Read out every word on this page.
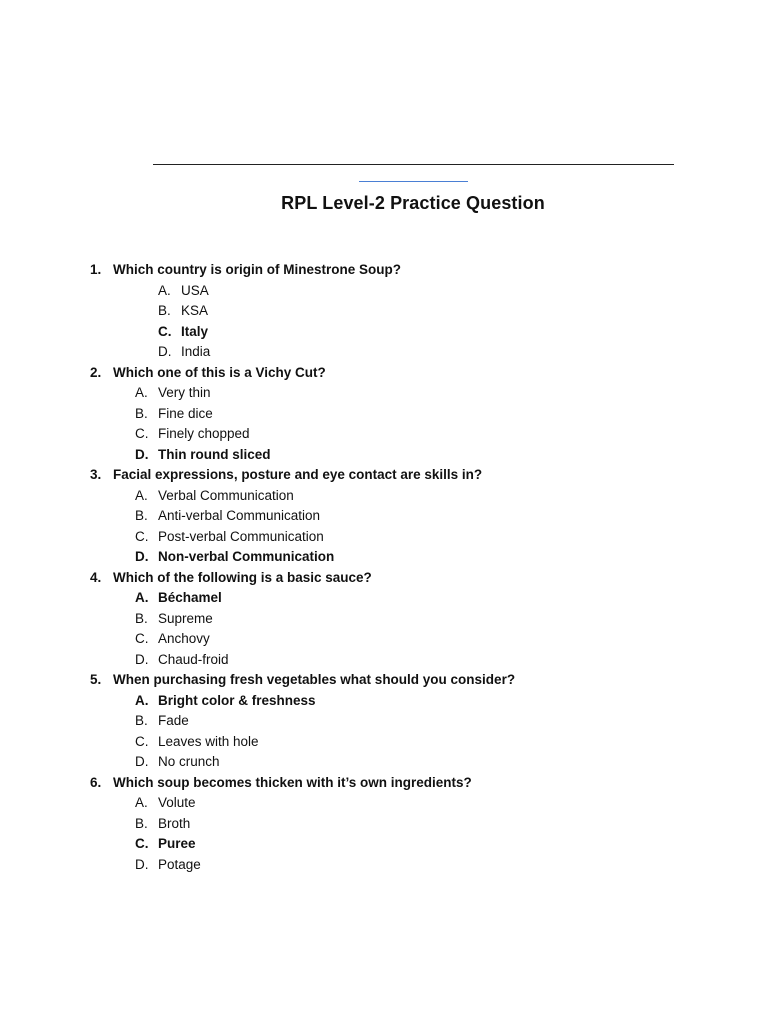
RPL Level-2 Practice Question
1. Which country is origin of Minestrone Soup?
A. USA
B. KSA
C. Italy
D. India
2. Which one of this is a Vichy Cut?
A. Very thin
B. Fine dice
C. Finely chopped
D. Thin round sliced
3. Facial expressions, posture and eye contact are skills in?
A. Verbal Communication
B. Anti-verbal Communication
C. Post-verbal Communication
D. Non-verbal Communication
4. Which of the following is a basic sauce?
A. Béchamel
B. Supreme
C. Anchovy
D. Chaud-froid
5. When purchasing fresh vegetables what should you consider?
A. Bright color & freshness
B. Fade
C. Leaves with hole
D. No crunch
6. Which soup becomes thicken with it’s own ingredients?
A. Volute
B. Broth
C. Puree
D. Potage
